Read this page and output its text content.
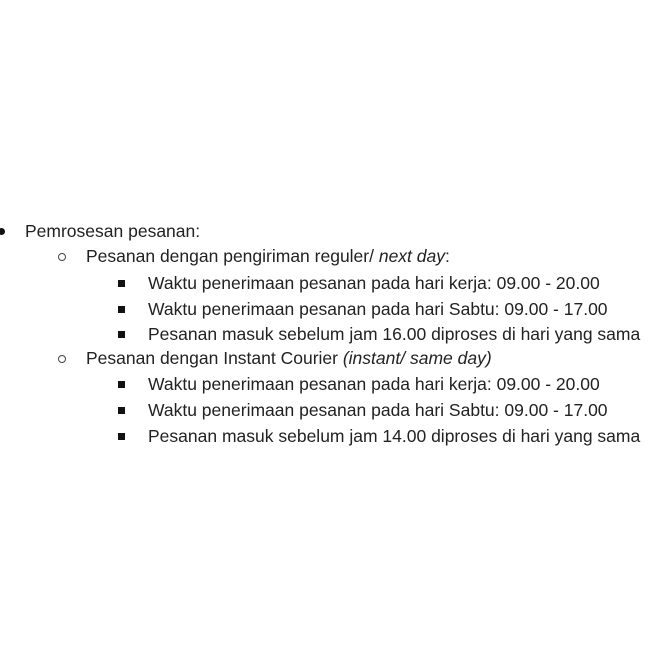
Pemrosesan pesanan:
Pesanan dengan pengiriman reguler/ next day:
Waktu penerimaan pesanan pada hari kerja: 09.00 - 20.00
Waktu penerimaan pesanan pada hari Sabtu: 09.00 - 17.00
Pesanan masuk sebelum jam 16.00 diproses di hari yang sama
Pesanan dengan Instant Courier (instant/ same day)
Waktu penerimaan pesanan pada hari kerja: 09.00 - 20.00
Waktu penerimaan pesanan pada hari Sabtu: 09.00 - 17.00
Pesanan masuk sebelum jam 14.00 diproses di hari yang sama
